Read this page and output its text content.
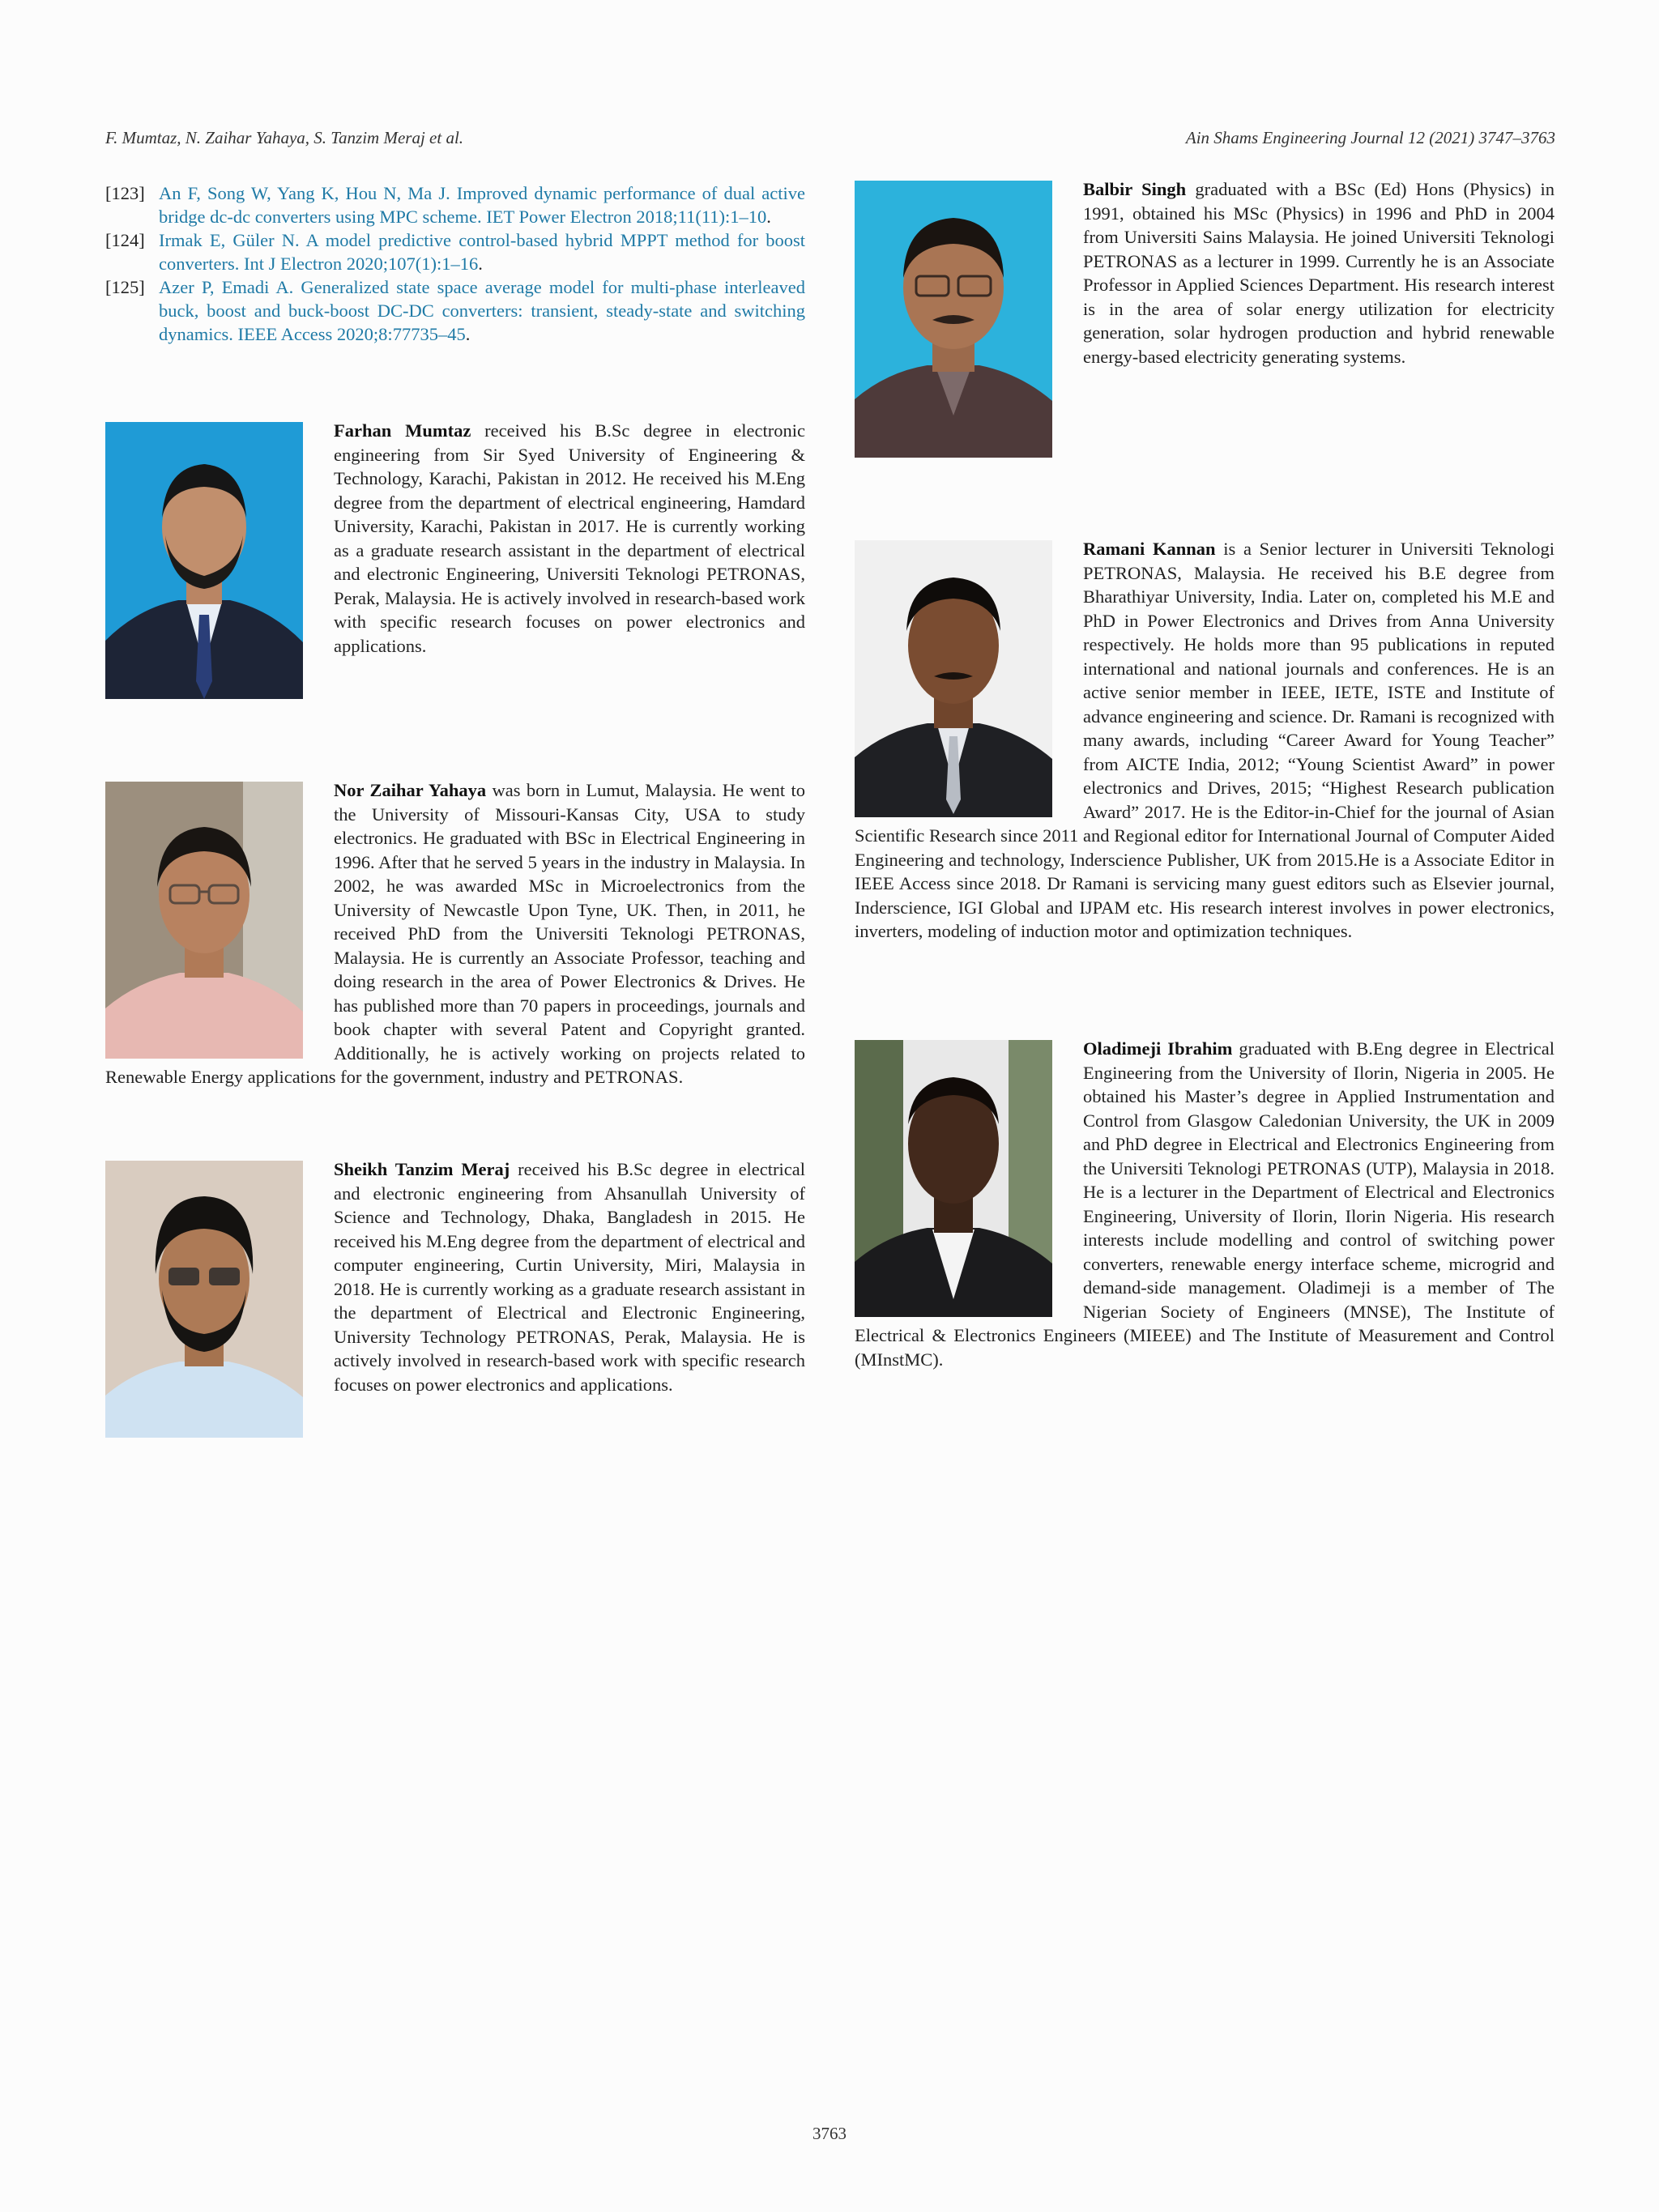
F. Mumtaz, N. Zaihar Yahaya, S. Tanzim Meraj et al.	Ain Shams Engineering Journal 12 (2021) 3747–3763
[123] An F, Song W, Yang K, Hou N, Ma J. Improved dynamic performance of dual active bridge dc-dc converters using MPC scheme. IET Power Electron 2018;11(11):1–10.
[124] Irmak E, Güler N. A model predictive control-based hybrid MPPT method for boost converters. Int J Electron 2020;107(1):1–16.
[125] Azer P, Emadi A. Generalized state space average model for multi-phase interleaved buck, boost and buck-boost DC-DC converters: transient, steady-state and switching dynamics. IEEE Access 2020;8:77735–45.
Farhan Mumtaz received his B.Sc degree in electronic engineering from Sir Syed University of Engineering & Technology, Karachi, Pakistan in 2012. He received his M.Eng degree from the department of electrical engineering, Hamdard University, Karachi, Pakistan in 2017. He is currently working as a graduate research assistant in the department of electrical and electronic Engineering, Universiti Teknologi PETRONAS, Perak, Malaysia. He is actively involved in research-based work with specific research focuses on power electronics and applications.
Nor Zaihar Yahaya was born in Lumut, Malaysia. He went to the University of Missouri-Kansas City, USA to study electronics. He graduated with BSc in Electrical Engineering in 1996. After that he served 5 years in the industry in Malaysia. In 2002, he was awarded MSc in Microelectronics from the University of Newcastle Upon Tyne, UK. Then, in 2011, he received PhD from the Universiti Teknologi PETRONAS, Malaysia. He is currently an Associate Professor, teaching and doing research in the area of Power Electronics & Drives. He has published more than 70 papers in proceedings, journals and book chapter with several Patent and Copyright granted. Additionally, he is actively working on projects related to Renewable Energy applications for the government, industry and PETRONAS.
Sheikh Tanzim Meraj received his B.Sc degree in electrical and electronic engineering from Ahsanullah University of Science and Technology, Dhaka, Bangladesh in 2015. He received his M.Eng degree from the department of electrical and computer engineering, Curtin University, Miri, Malaysia in 2018. He is currently working as a graduate research assistant in the department of Electrical and Electronic Engineering, University Technology PETRONAS, Perak, Malaysia. He is actively involved in research-based work with specific research focuses on power electronics and applications.
Balbir Singh graduated with a BSc (Ed) Hons (Physics) in 1991, obtained his MSc (Physics) in 1996 and PhD in 2004 from Universiti Sains Malaysia. He joined Universiti Teknologi PETRONAS as a lecturer in 1999. Currently he is an Associate Professor in Applied Sciences Department. His research interest is in the area of solar energy utilization for electricity generation, solar hydrogen production and hybrid renewable energy-based electricity generating systems.
Ramani Kannan is a Senior lecturer in Universiti Teknologi PETRONAS, Malaysia. He received his B.E degree from Bharathiyar University, India. Later on, completed his M.E and PhD in Power Electronics and Drives from Anna University respectively. He holds more than 95 publications in reputed international and national journals and conferences. He is an active senior member in IEEE, IETE, ISTE and Institute of advance engineering and science. Dr. Ramani is recognized with many awards, including “Career Award for Young Teacher” from AICTE India, 2012; “Young Scientist Award” in power electronics and Drives, 2015; “Highest Research publication Award” 2017. He is the Editor-in-Chief for the journal of Asian Scientific Research since 2011 and Regional editor for International Journal of Computer Aided Engineering and technology, Inderscience Publisher, UK from 2015.He is a Associate Editor in IEEE Access since 2018. Dr Ramani is servicing many guest editors such as Elsevier journal, Inderscience, IGI Global and IJPAM etc. His research interest involves in power electronics, inverters, modeling of induction motor and optimization techniques.
Oladimeji Ibrahim graduated with B.Eng degree in Electrical Engineering from the University of Ilorin, Nigeria in 2005. He obtained his Master’s degree in Applied Instrumentation and Control from Glasgow Caledonian University, the UK in 2009 and PhD degree in Electrical and Electronics Engineering from the Universiti Teknologi PETRONAS (UTP), Malaysia in 2018. He is a lecturer in the Department of Electrical and Electronics Engineering, University of Ilorin, Ilorin Nigeria. His research interests include modelling and control of switching power converters, renewable energy interface scheme, microgrid and demand-side management. Oladimeji is a member of The Nigerian Society of Engineers (MNSE), The Institute of Electrical & Electronics Engineers (MIEEE) and The Institute of Measurement and Control (MInstMC).
3763
